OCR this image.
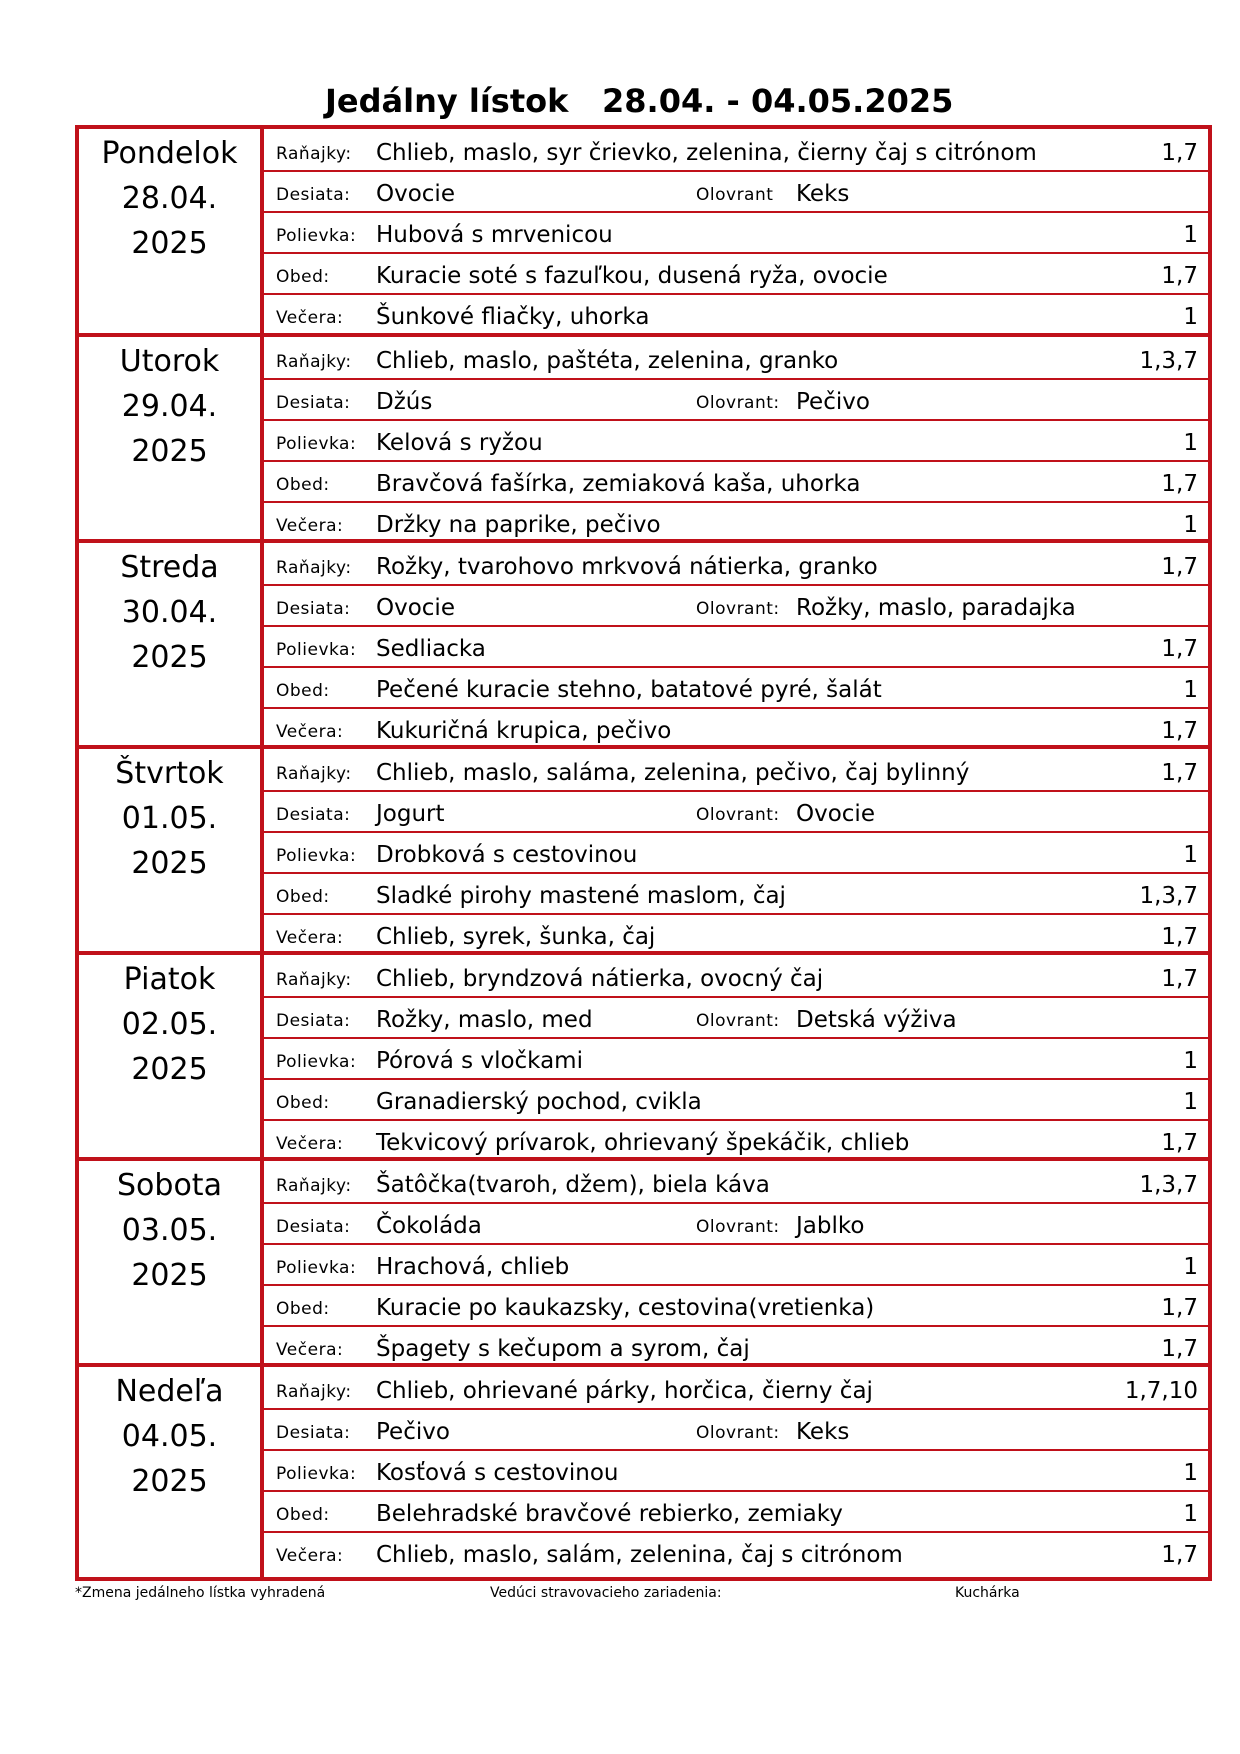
Jedálny lístok 28.04. - 04.05.2025
Pondelok
28.04.
2025
Raňajky: Chlieb, maslo, syr črievko, zelenina, čierny čaj s citrónom	1,7
Desiata: Ovocie	Olovrant Keks
Polievka: Hubová s mrvenicou	1
Obed: Kuracie soté s fazuľkou, dusená ryža, ovocie	1,7
Večera: Šunkové fliačky, uhorka	1
Utorok
29.04.
2025
Raňajky: Chlieb, maslo, paštéta, zelenina, granko	1,3,7
Desiata: Džús	Olovrant: Pečivo
Polievka: Kelová s ryžou	1
Obed: Bravčová fašírka, zemiaková kaša, uhorka	1,7
Večera: Držky na paprike, pečivo	1
Streda
30.04.
2025
Raňajky: Rožky, tvarohovo mrkvová nátierka, granko	1,7
Desiata: Ovocie	Olovrant: Rožky, maslo, paradajka
Polievka: Sedliacka	1,7
Obed: Pečené kuracie stehno, batatové pyré, šalát	1
Večera: Kukuričná krupica, pečivo	1,7
Štvrtok
01.05.
2025
Raňajky: Chlieb, maslo, saláma, zelenina, pečivo, čaj bylinný	1,7
Desiata: Jogurt	Olovrant: Ovocie
Polievka: Drobková s cestovinou	1
Obed: Sladké pirohy mastené maslom, čaj	1,3,7
Večera: Chlieb, syrek, šunka, čaj	1,7
Piatok
02.05.
2025
Raňajky: Chlieb, bryndzová nátierka, ovocný čaj	1,7
Desiata: Rožky, maslo, med	Olovrant: Detská výživa
Polievka: Pórová s vločkami	1
Obed: Granadierský pochod, cvikla	1
Večera: Tekvicový prívarok, ohrievaný špekáčik, chlieb	1,7
Sobota
03.05.
2025
Raňajky: Šatôčka(tvaroh, džem), biela káva	1,3,7
Desiata: Čokoláda	Olovrant: Jablko
Polievka: Hrachová, chlieb	1
Obed: Kuracie po kaukazsky, cestovina(vretienka)	1,7
Večera: Špagety s kečupom a syrom, čaj	1,7
Nedeľa
04.05.
2025
Raňajky: Chlieb, ohrievané párky, horčica, čierny čaj	1,7,10
Desiata: Pečivo	Olovrant: Keks
Polievka: Kosťová s cestovinou	1
Obed: Belehradské bravčové rebierko, zemiaky	1
Večera: Chlieb, maslo, salám, zelenina, čaj s citrónom	1,7
*Zmena jedálneho lístka vyhradená	Vedúci stravovacieho zariadenia:	Kuchárka
